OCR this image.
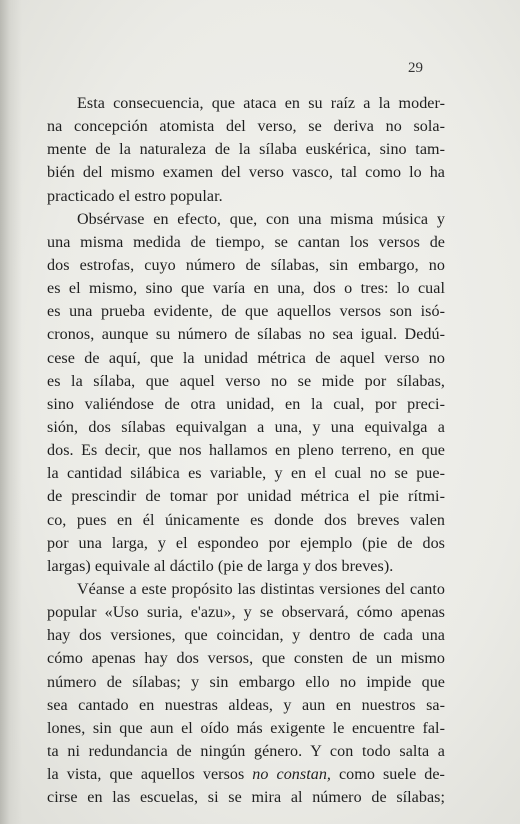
29
Esta consecuencia, que ataca en su raíz a la moder-
na concepción atomista del verso, se deriva no sola-
mente de la naturaleza de la sílaba euskérica, sino tam-
bién del mismo examen del verso vasco, tal como lo ha
practicado el estro popular.
Obsérvase en efecto, que, con una misma música y
una misma medida de tiempo, se cantan los versos de
dos estrofas, cuyo número de sílabas, sin embargo, no
es el mismo, sino que varía en una, dos o tres: lo cual
es una prueba evidente, de que aquellos versos son isó-
cronos, aunque su número de sílabas no sea igual. Dedú-
cese de aquí, que la unidad métrica de aquel verso no
es la sílaba, que aquel verso no se mide por sílabas,
sino valiéndose de otra unidad, en la cual, por preci-
sión, dos sílabas equivalgan a una, y una equivalga a
dos. Es decir, que nos hallamos en pleno terreno, en que
la cantidad silábica es variable, y en el cual no se pue-
de prescindir de tomar por unidad métrica el pie rítmi-
co, pues en él únicamente es donde dos breves valen
por una larga, y el espondeo por ejemplo (pie de dos
largas) equivale al dáctilo (pie de larga y dos breves).
Véanse a este propósito las distintas versiones del canto
popular «Uso suria, e'azu», y se observará, cómo apenas
hay dos versiones, que coincidan, y dentro de cada una
cómo apenas hay dos versos, que consten de un mismo
número de sílabas; y sin embargo ello no impide que
sea cantado en nuestras aldeas, y aun en nuestros sa-
lones, sin que aun el oído más exigente le encuentre fal-
ta ni redundancia de ningún género. Y con todo salta a
la vista, que aquellos versos no constan, como suele de-
cirse en las escuelas, si se mira al número de sílabas;
